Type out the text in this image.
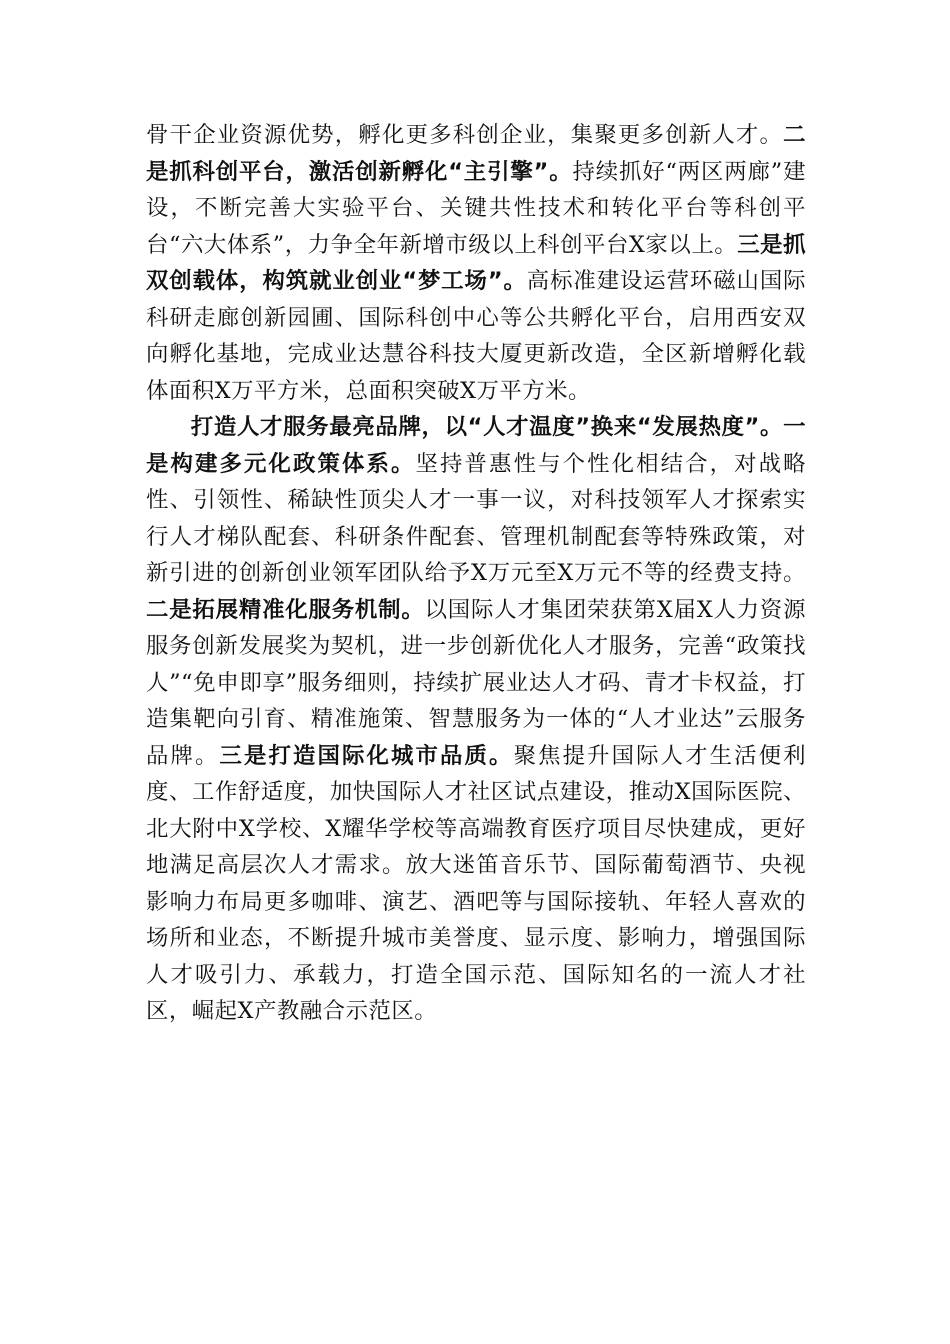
骨干企业资源优势，孵化更多科创企业，集聚更多创新人才。二是抓科创平台，激活创新孵化“主引擎”。持续抓好“两区两廊”建设，不断完善大实验平台、关键共性技术和转化平台等科创平台“六大体系”，力争全年新增市级以上科创平台X家以上。三是抓双创载体，构筑就业创业“梦工场”。高标准建设运营环磁山国际科研走廊创新园圃、国际科创中心等公共孵化平台，启用西安双向孵化基地，完成业达慧谷科技大厦更新改造，全区新增孵化载体面积X万平方米，总面积突破X万平方米。

打造人才服务最亮品牌，以“人才温度”换来“发展热度”。一是构建多元化政策体系。坚持普惠性与个性化相结合，对战略性、引领性、稀缺性顶尖人才一事一议，对科技领军人才探索实行人才梯队配套、科研条件配套、管理机制配套等特殊政策，对新引进的创新创业领军团队给予X万元至X万元不等的经费支持。二是拓展精准化服务机制。以国际人才集团荣获第X届X人力资源服务创新发展奖为契机，进一步创新优化人才服务，完善“政策找人”“免申即享”服务细则，持续扩展业达人才码、青才卡权益，打造集靶向引育、精准施策、智慧服务为一体的“人才业达”云服务品牌。三是打造国际化城市品质。聚焦提升国际人才生活便利度、工作舒适度，加快国际人才社区试点建设，推动X国际医院、北大附中X学校、X耀华学校等高端教育医疗项目尽快建成，更好地满足高层次人才需求。放大迷笛音乐节、国际葡萄酒节、央视影响力布局更多咖啡、演艺、酒吧等与国际接轨、年轻人喜欢的场所和业态，不断提升城市美誉度、显示度、影响力，增强国际人才吸引力、承载力，打造全国示范、国际知名的一流人才社区，崛起X产教融合示范区。
